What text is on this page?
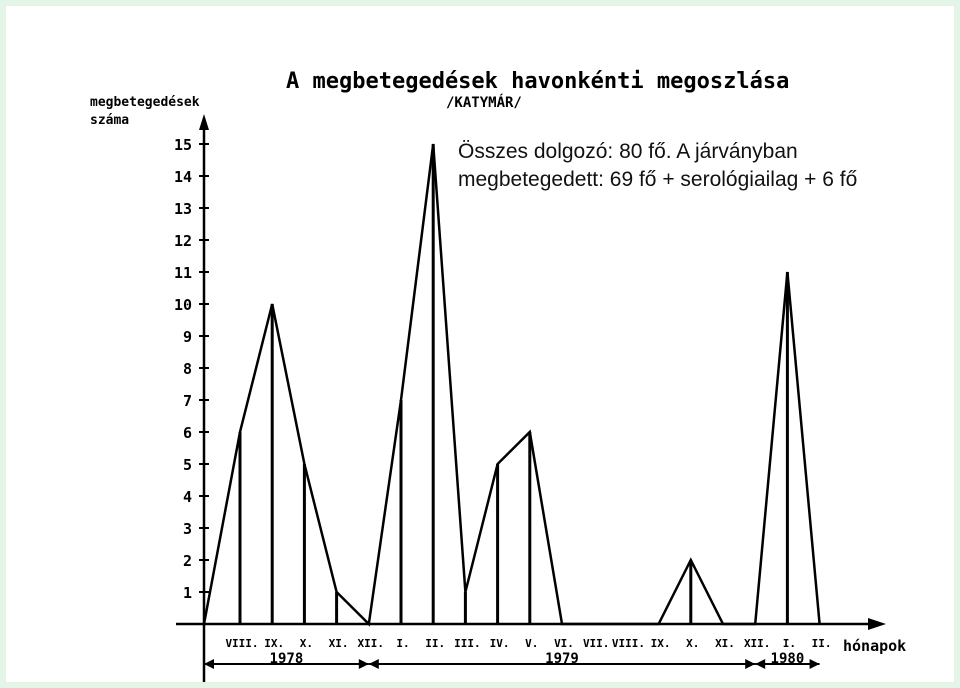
A megbetegedések havonkénti megoszlása
/KATYMÁR/
megbetegedések száma
hónapok
1
2
3
4
5
6
7
8
9
10
11
12
13
14
15
VIII. IX. X. XI. XII. I. II. III. IV. V. VI. VII. VIII. IX. X. XI. XII. I. II.
1978	1979	1980
Összes dolgozó: 80 fő. A járványban
megbetegedett: 69 fő + serológiailag + 6 fő
